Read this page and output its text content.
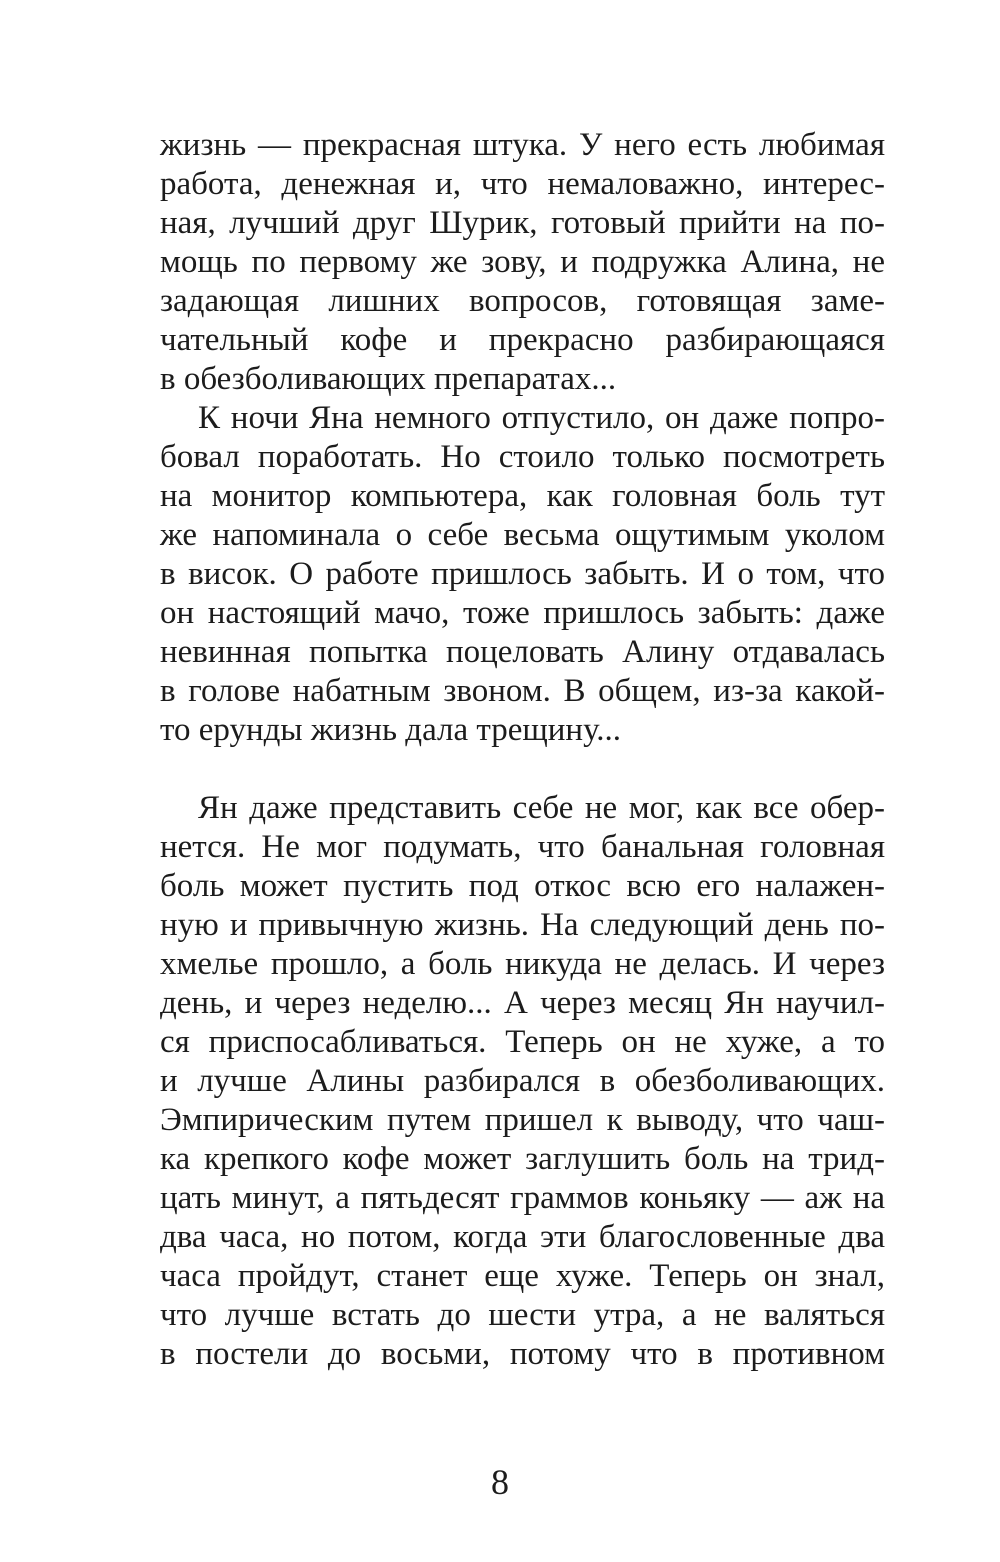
жизнь — прекрасная штука. У него есть любимая
работа, денежная и, что немаловажно, интерес-
ная, лучший друг Шурик, готовый прийти на по-
мощь по первому же зову, и подружка Алина, не
задающая лишних вопросов, готовящая заме-
чательный кофе и прекрасно разбирающаяся
в обезболивающих препаратах...
К ночи Яна немного отпустило, он даже попро-
бовал поработать. Но стоило только посмотреть
на монитор компьютера, как головная боль тут
же напоминала о себе весьма ощутимым уколом
в висок. О работе пришлось забыть. И о том, что
он настоящий мачо, тоже пришлось забыть: даже
невинная попытка поцеловать Алину отдавалась
в голове набатным звоном. В общем, из-за какой-
то ерунды жизнь дала трещину...
Ян даже представить себе не мог, как все обер-
нется. Не мог подумать, что банальная головная
боль может пустить под откос всю его налажен-
ную и привычную жизнь. На следующий день по-
хмелье прошло, а боль никуда не делась. И через
день, и через неделю... А через месяц Ян научил-
ся приспосабливаться. Теперь он не хуже, а то
и лучше Алины разбирался в обезболивающих.
Эмпирическим путем пришел к выводу, что чаш-
ка крепкого кофе может заглушить боль на трид-
цать минут, а пятьдесят граммов коньяку — аж на
два часа, но потом, когда эти благословенные два
часа пройдут, станет еще хуже. Теперь он знал,
что лучше встать до шести утра, а не валяться
в постели до восьми, потому что в противном
8
